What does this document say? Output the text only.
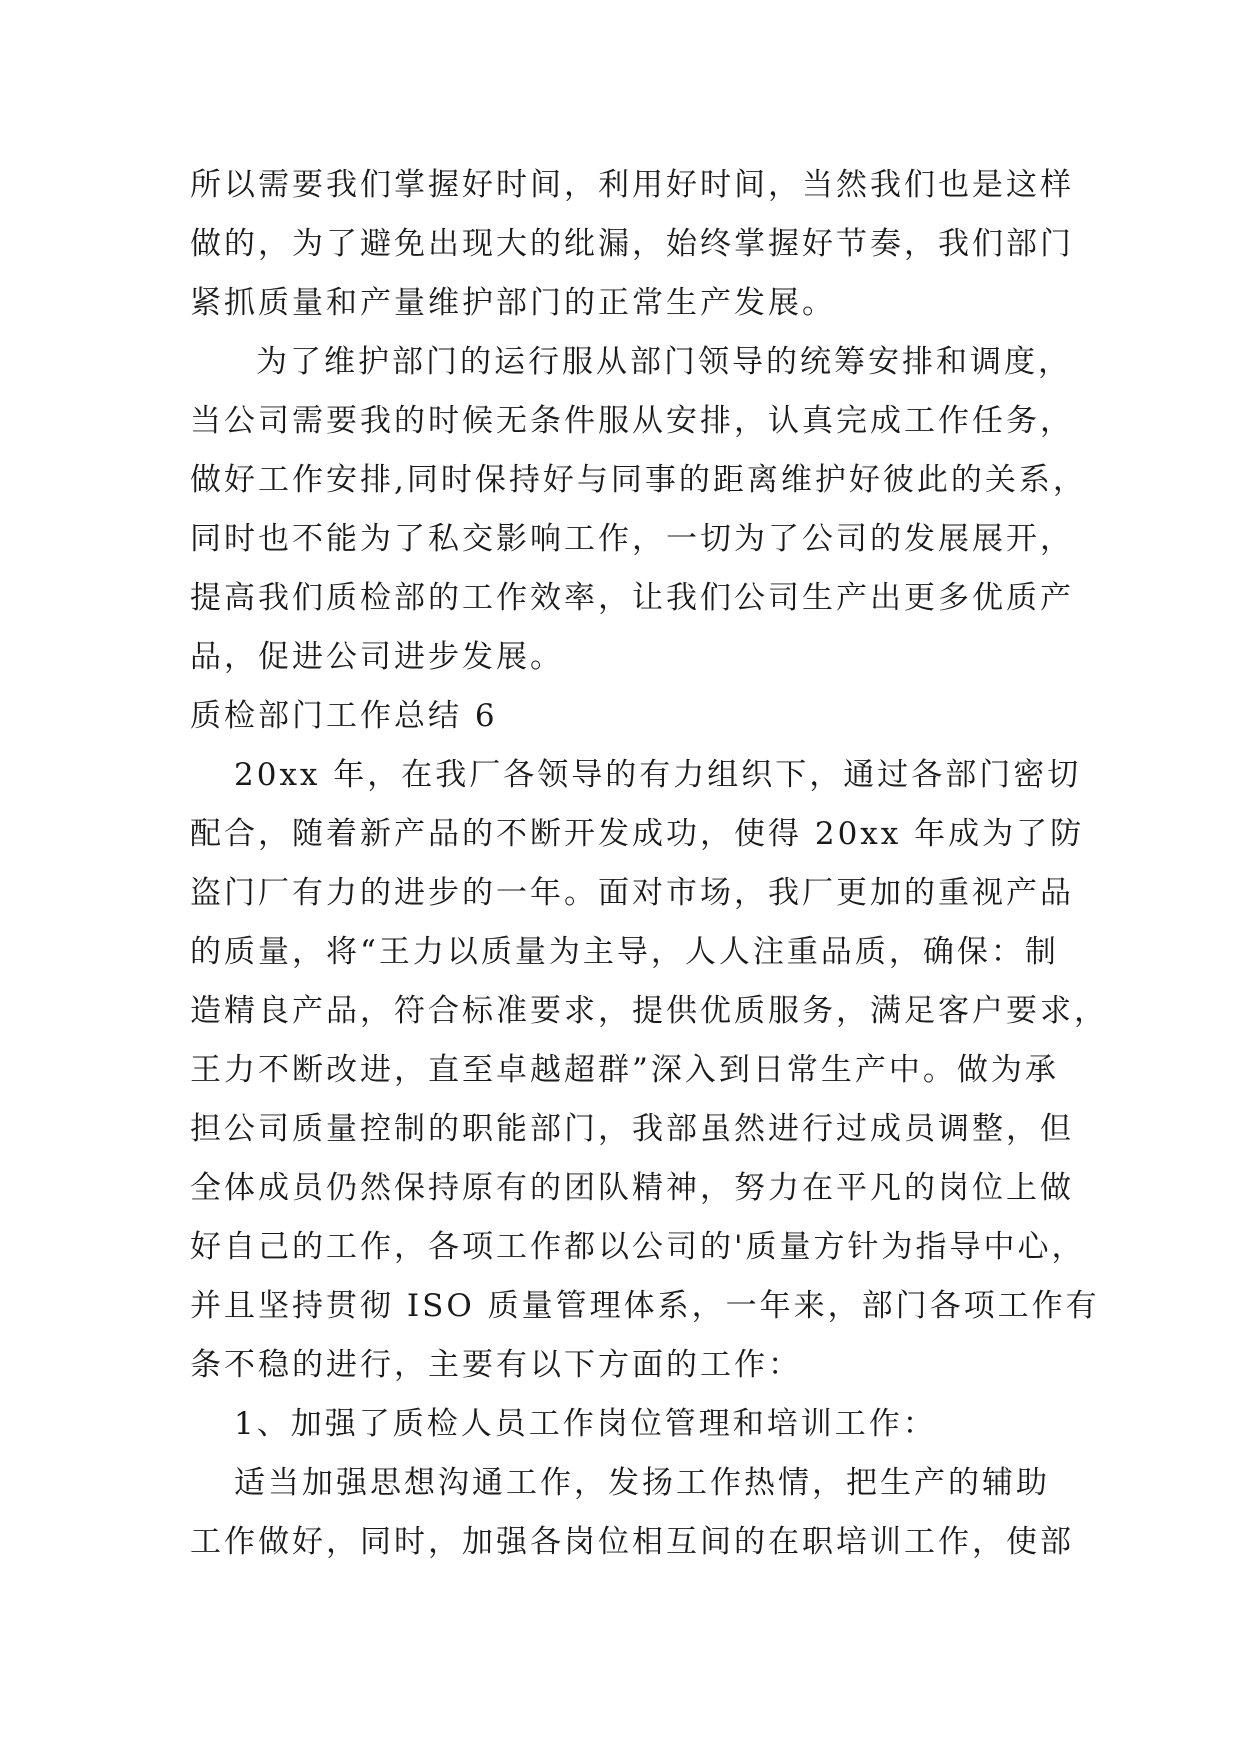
所以需要我们掌握好时间，利用好时间，当然我们也是这样
做的，为了避免出现大的纰漏，始终掌握好节奏，我们部门
紧抓质量和产量维护部门的正常生产发展。
为了维护部门的运行服从部门领导的统筹安排和调度，
当公司需要我的时候无条件服从安排，认真完成工作任务，
做好工作安排,同时保持好与同事的距离维护好彼此的关系，
同时也不能为了私交影响工作，一切为了公司的发展展开，
提高我们质检部的工作效率，让我们公司生产出更多优质产
品，促进公司进步发展。
质检部门工作总结 6
20xx 年，在我厂各领导的有力组织下，通过各部门密切
配合，随着新产品的不断开发成功，使得 20xx 年成为了防
盗门厂有力的进步的一年。面对市场，我厂更加的重视产品
的质量，将“王力以质量为主导，人人注重品质，确保：制
造精良产品，符合标准要求，提供优质服务，满足客户要求，
王力不断改进，直至卓越超群”深入到日常生产中。做为承
担公司质量控制的职能部门，我部虽然进行过成员调整，但
全体成员仍然保持原有的团队精神，努力在平凡的岗位上做
好自己的工作，各项工作都以公司的'质量方针为指导中心，
并且坚持贯彻 ISO 质量管理体系，一年来，部门各项工作有
条不稳的进行，主要有以下方面的工作：
1、加强了质检人员工作岗位管理和培训工作：
适当加强思想沟通工作，发扬工作热情，把生产的辅助
工作做好，同时，加强各岗位相互间的在职培训工作，使部
